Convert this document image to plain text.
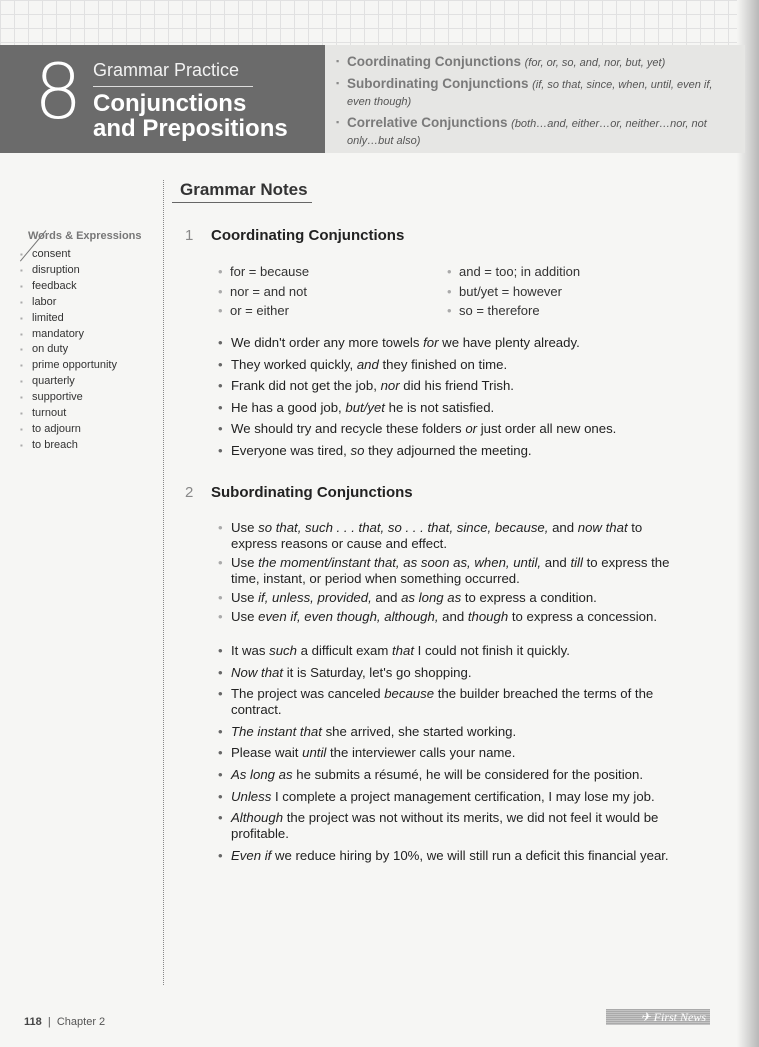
8 Grammar Practice
Conjunctions
and Prepositions
▪ Coordinating Conjunctions (for, or, so, and, nor, but, yet)
▪ Subordinating Conjunctions (if, so that, since, when, until, even if, even though)
▪ Correlative Conjunctions (both…and, either…or, neither…nor, not only…but also)
Grammar Notes
Words & Expressions
▪ consent
▪ disruption
▪ feedback
▪ labor
▪ limited
▪ mandatory
▪ on duty
▪ prime opportunity
▪ quarterly
▪ supportive
▪ turnout
▪ to adjourn
▪ to breach
1 Coordinating Conjunctions
• for = because
• nor = and not
• or = either
• and = too; in addition
• but/yet = however
• so = therefore
• We didn't order any more towels for we have plenty already.
• They worked quickly, and they finished on time.
• Frank did not get the job, nor did his friend Trish.
• He has a good job, but/yet he is not satisfied.
• We should try and recycle these folders or just order all new ones.
• Everyone was tired, so they adjourned the meeting.
2 Subordinating Conjunctions
• Use so that, such . . . that, so . . . that, since, because, and now that to express reasons or cause and effect.
• Use the moment/instant that, as soon as, when, until, and till to express the time, instant, or period when something occurred.
• Use if, unless, provided, and as long as to express a condition.
• Use even if, even though, although, and though to express a concession.
• It was such a difficult exam that I could not finish it quickly.
• Now that it is Saturday, let's go shopping.
• The project was canceled because the builder breached the terms of the contract.
• The instant that she arrived, she started working.
• Please wait until the interviewer calls your name.
• As long as he submits a résumé, he will be considered for the position.
• Unless I complete a project management certification, I may lose my job.
• Although the project was not without its merits, we did not feel it would be profitable.
• Even if we reduce hiring by 10%, we will still run a deficit this financial year.
118 | Chapter 2	✈ First News
